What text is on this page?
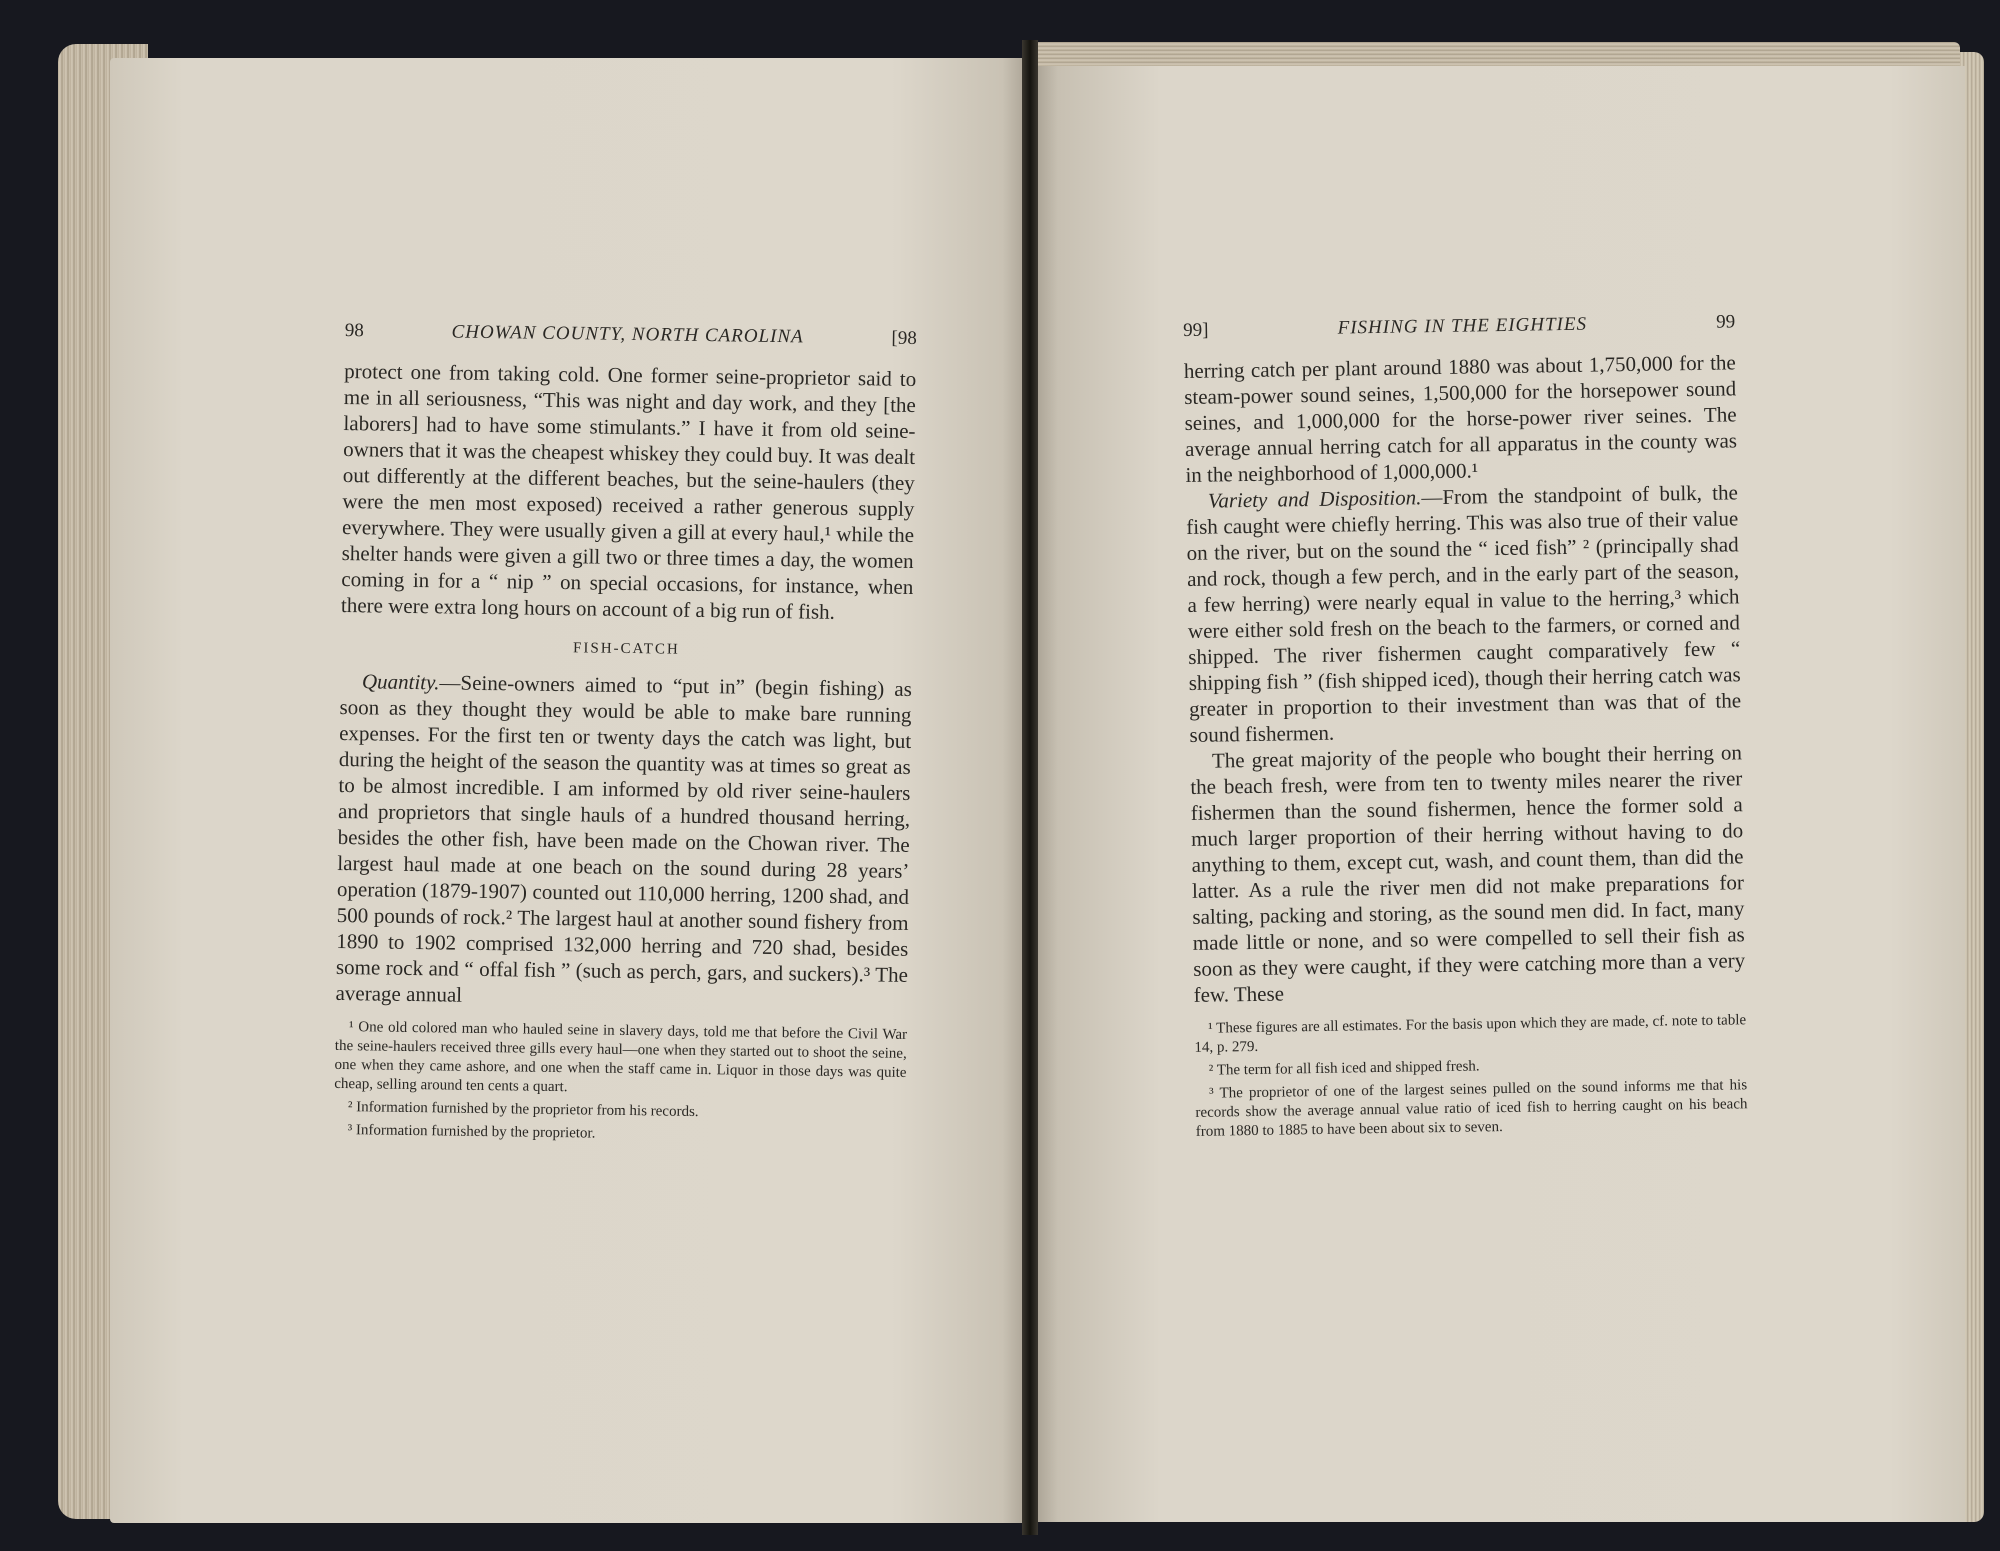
98	CHOWAN COUNTY, NORTH CAROLINA	[98

protect one from taking cold. One former seine-proprietor said to me in all seriousness, “This was night and day work, and they [the laborers] had to have some stimulants.” I have it from old seine-owners that it was the cheapest whiskey they could buy. It was dealt out differently at the different beaches, but the seine-haulers (they were the men most exposed) received a rather generous supply everywhere. They were usually given a gill at every haul,¹ while the shelter hands were given a gill two or three times a day, the women coming in for a “ nip ” on special occasions, for instance, when there were extra long hours on account of a big run of fish.

FISH-CATCH

Quantity.—Seine-owners aimed to “put in” (begin fishing) as soon as they thought they would be able to make bare running expenses. For the first ten or twenty days the catch was light, but during the height of the season the quantity was at times so great as to be almost incredible. I am informed by old river seine-haulers and proprietors that single hauls of a hundred thousand herring, besides the other fish, have been made on the Chowan river. The largest haul made at one beach on the sound during 28 years’ operation (1879-1907) counted out 110,000 herring, 1200 shad, and 500 pounds of rock.² The largest haul at another sound fishery from 1890 to 1902 comprised 132,000 herring and 720 shad, besides some rock and “ offal fish ” (such as perch, gars, and suckers).³ The average annual

¹ One old colored man who hauled seine in slavery days, told me that before the Civil War the seine-haulers received three gills every haul—one when they started out to shoot the seine, one when they came ashore, and one when the staff came in. Liquor in those days was quite cheap, selling around ten cents a quart.

² Information furnished by the proprietor from his records.

³ Information furnished by the proprietor.

99]	FISHING IN THE EIGHTIES	99

herring catch per plant around 1880 was about 1,750,000 for the steam-power sound seines, 1,500,000 for the horsepower sound seines, and 1,000,000 for the horse-power river seines. The average annual herring catch for all apparatus in the county was in the neighborhood of 1,000,000.¹

Variety and Disposition.—From the standpoint of bulk, the fish caught were chiefly herring. This was also true of their value on the river, but on the sound the “ iced fish” ² (principally shad and rock, though a few perch, and in the early part of the season, a few herring) were nearly equal in value to the herring,³ which were either sold fresh on the beach to the farmers, or corned and shipped. The river fishermen caught comparatively few “ shipping fish ” (fish shipped iced), though their herring catch was greater in proportion to their investment than was that of the sound fishermen.

The great majority of the people who bought their herring on the beach fresh, were from ten to twenty miles nearer the river fishermen than the sound fishermen, hence the former sold a much larger proportion of their herring without having to do anything to them, except cut, wash, and count them, than did the latter. As a rule the river men did not make preparations for salting, packing and storing, as the sound men did. In fact, many made little or none, and so were compelled to sell their fish as soon as they were caught, if they were catching more than a very few. These

¹ These figures are all estimates. For the basis upon which they are made, cf. note to table 14, p. 279.

² The term for all fish iced and shipped fresh.

³ The proprietor of one of the largest seines pulled on the sound informs me that his records show the average annual value ratio of iced fish to herring caught on his beach from 1880 to 1885 to have been about six to seven.
